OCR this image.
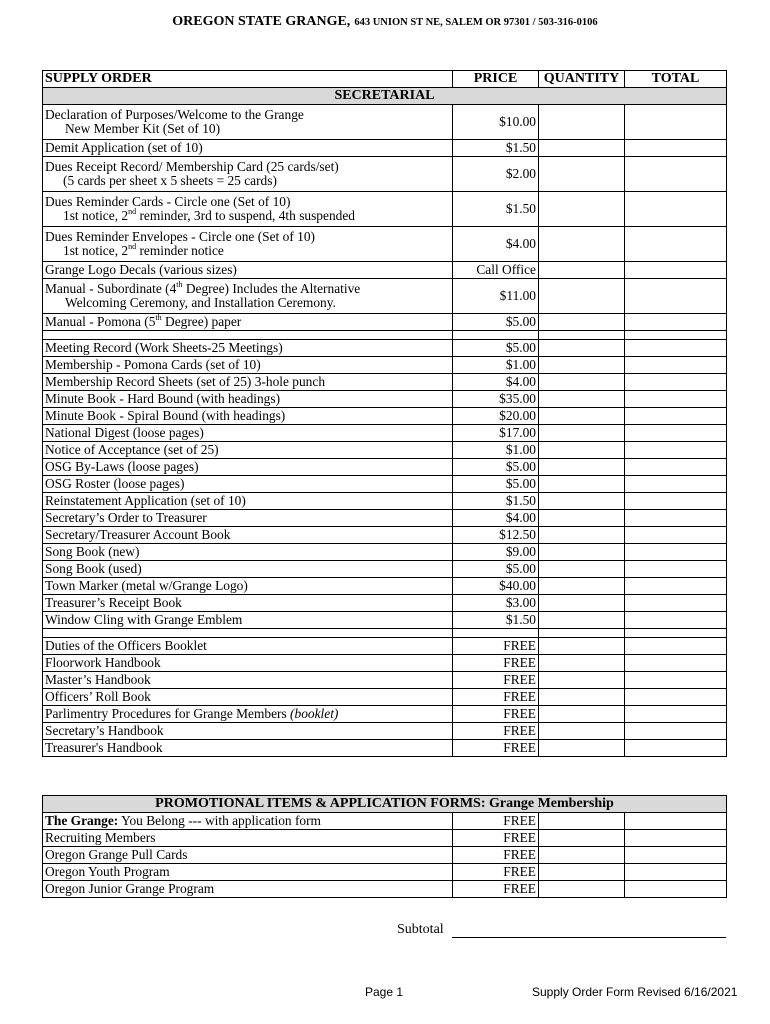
OREGON STATE GRANGE, 643 UNION ST NE, SALEM OR 97301 / 503-316-0106
SUPPLY ORDER	PRICE	QUANTITY	TOTAL
SECRETARIAL			

Declaration of Purposes/Welcome to the Grange
New Member Kit (Set of 10)	$10.00		

Demit Application (set of 10)	$1.50		

Dues Receipt Record/ Membership Card (25 cards/set)
(5 cards per sheet x 5 sheets = 25 cards)	$2.00		

Dues Reminder Cards - Circle one (Set of 10)
1st notice, 2nd reminder, 3rd to suspend, 4th suspended	$1.50		

Dues Reminder Envelopes - Circle one (Set of 10)
1st notice, 2nd reminder notice	$4.00		

Grange Logo Decals (various sizes)	Call Office		

Manual - Subordinate (4th Degree) Includes the Alternative
Welcoming Ceremony, and Installation Ceremony.	$11.00		

Manual - Pomona (5th Degree) paper	$5.00		

Meeting Record (Work Sheets-25 Meetings)	$5.00		

Membership - Pomona Cards (set of 10)	$1.00		

Membership Record Sheets (set of 25) 3-hole punch	$4.00		

Minute Book - Hard Bound (with headings)	$35.00		

Minute Book - Spiral Bound (with headings)	$20.00		

National Digest (loose pages)	$17.00		

Notice of Acceptance (set of 25)	$1.00		

OSG By-Laws (loose pages)	$5.00		

OSG Roster (loose pages)	$5.00		

Reinstatement Application (set of 10)	$1.50		

Secretary’s Order to Treasurer	$4.00		

Secretary/Treasurer Account Book	$12.50		

Song Book (new)	$9.00		

Song Book (used)	$5.00		

Town Marker (metal w/Grange Logo)	$40.00		

Treasurer’s Receipt Book	$3.00		

Window Cling with Grange Emblem	$1.50		

Duties of the Officers Booklet	FREE		

Floorwork Handbook	FREE		

Master’s Handbook	FREE		

Officers’ Roll Book	FREE		

Parlimentry Procedures for Grange Members (booklet)	FREE		

Secretary’s Handbook	FREE		

Treasurer's Handbook	FREE		
PROMOTIONAL ITEMS & APPLICATION FORMS: Grange Membership			
The Grange: You Belong --- with application form	FREE		
Recruiting Members	FREE		
Oregon Grange Pull Cards	FREE		
Oregon Youth Program	FREE		
Oregon Junior Grange Program	FREE		
Subtotal
Page 1	Supply Order Form Revised 6/16/2021
